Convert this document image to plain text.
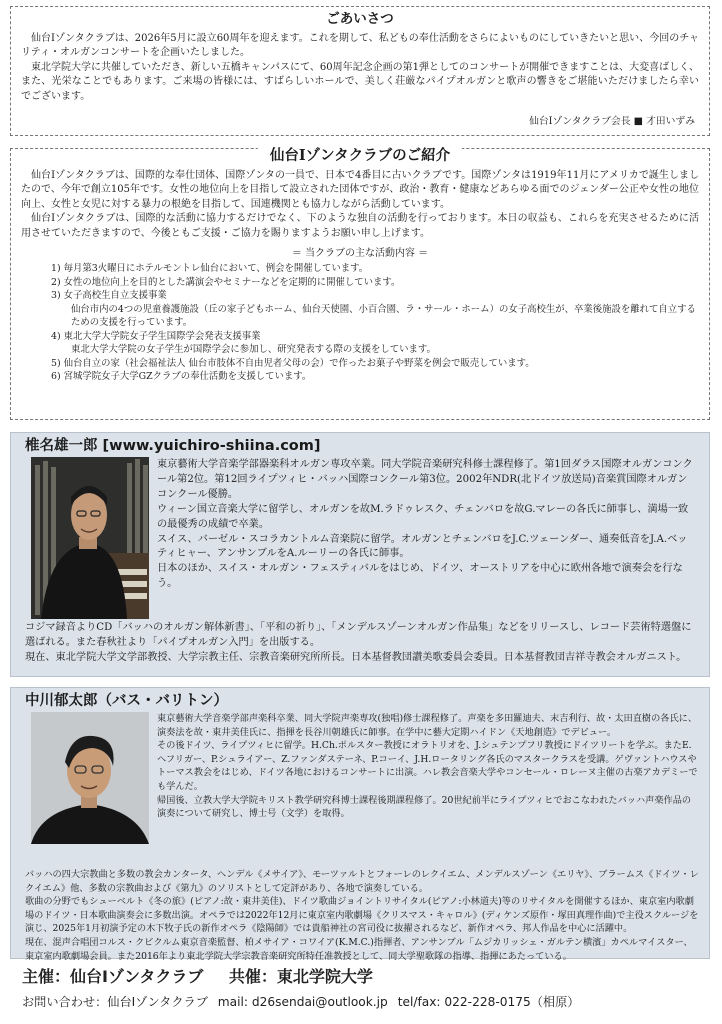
ごあいさつ

仙台Iゾンタクラブは、2026年5月に設立60周年を迎えます。これを期して、私どもの奉仕活動をさらによいものにしていきたいと思い、今回のチャリティ・オルガンコンサートを企画いたしました。

東北学院大学に共催していただき、新しい五橋キャンパスにて、60周年記念企画の第1弾としてのコンサートが開催できますことは、大変喜ばしく、また、光栄なことでもあります。ご来場の皆様には、すばらしいホールで、美しく荘厳なパイプオルガンと歌声の響きをご堪能いただけましたら幸いでございます。

仙台Iゾンタクラブ会長 ■ 才田いずみ
仙台Iゾンタクラブのご紹介

仙台Iゾンタクラブは、国際的な奉仕団体、国際ゾンタの一員で、日本で4番目に古いクラブです。国際ゾンタは1919年11月にアメリカで誕生しましたので、今年で創立105年です。女性の地位向上を目指して設立された団体ですが、政治・教育・健康などあらゆる面でのジェンダー公正や女性の地位向上、女性と女児に対する暴力の根絶を目指して、国連機関とも協力しながら活動しています。

仙台Iゾンタクラブは、国際的な活動に協力するだけでなく、下のような独自の活動を行っております。本日の収益も、これらを充実させるために活用させていただきますので、今後ともご支援・ご協力を賜りますようお願い申し上げます。

＝ 当クラブの主な活動内容 ＝
1) 毎月第3火曜日にホテルモントレ仙台において、例会を開催しています。
2) 女性の地位向上を目的とした講演会やセミナーなどを定期的に開催しています。
3) 女子高校生自立支援事業
仙台市内の4つの児童養護施設（丘の家子どもホーム、仙台天使園、小百合園、ラ・サール・ホーム）の女子高校生が、卒業後施設を離れて自立するための支援を行っています。
4) 東北大学大学院女子学生国際学会発表支援事業
東北大学大学院の女子学生が国際学会に参加し、研究発表する際の支援をしています。
5) 仙台自立の家（社会福祉法人 仙台市肢体不自由児者父母の会）で作ったお菓子や野菜を例会で販売しています。
6) 宮城学院女子大学GZクラブの奉仕活動を支援しています。
椎名雄一郎 [www.yuichiro-shiina.com]

東京藝術大学音楽学部器楽科オルガン専攻卒業。同大学院音楽研究科修士課程修了。第1回ダラス国際オルガンコンクール第2位。第12回ライプツィヒ・バッハ国際コンクール第3位。2002年NDR(北ドイツ放送局)音楽賞国際オルガンコンクール優勝。

ウィーン国立音楽大学に留学し、オルガンを故M.ラドゥレスク、チェンバロを故G.マレーの各氏に師事し、満場一致の最優秀の成績で卒業。

スイス、バーゼル・スコラカントルム音楽院に留学。オルガンとチェンバロをJ.C.ツェーンダー、通奏低音をJ.A.ベッティヒャー、アンサンブルをA.ルーリーの各氏に師事。

日本のほか、スイス・オルガン・フェスティバルをはじめ、ドイツ、オーストリアを中心に欧州各地で演奏会を行なう。

コジマ録音よりCD「バッハのオルガン解体新書」、「平和の祈り」、「メンデルスゾーンオルガン作品集」などをリリースし、レコード芸術特選盤に選ばれる。また春秋社より「パイプオルガン入門」を出版する。

現在、東北学院大学文学部教授、大学宗教主任、宗教音楽研究所所長。日本基督教団讃美歌委員会委員。日本基督教団吉祥寺教会オルガニスト。

中川郁太郎（バス・バリトン）

東京藝術大学音楽学部声楽科卒業、同大学院声楽専攻(独唱)修士課程修了。声楽を多田羅迪夫、末吉利行、故・太田直樹の各氏に、演奏法を故・東井美佳氏に、指揮を長谷川朝雄氏に師事。在学中に藝大定期ハイドン《天地創造》でデビュー。

その後ドイツ、ライプツィヒに留学。H.Ch.ポルスター教授にオラトリオを、J.シュテンプフリ教授にドイツリートを学ぶ。またE.ヘフリガー、P.シュライアー、Z.ファンダステーネ、P.コーイ、J.H.ロータリング各氏のマスタークラスを受講。ゲヴァントハウスやトーマス教会をはじめ、ドイツ各地におけるコンサートに出演。ハレ教会音楽大学やコンセール・ロレーヌ主催の古楽アカデミーでも学んだ。

帰国後、立教大学大学院キリスト教学研究科博士課程後期課程修了。20世紀前半にライプツィヒでおこなわれたバッハ声楽作品の演奏について研究し、博士号（文学）を取得。

バッハの四大宗教曲と多数の教会カンタータ、ヘンデル《メサイア》、モーツァルトとフォーレのレクイエム、メンデルスゾーン《エリヤ》、ブラームス《ドイツ・レクイエム》他、多数の宗教曲および《第九》のソリストとして定評があり、各地で演奏している。

歌曲の分野でもシューベルト《冬の旅》(ピアノ:故・東井美佳)、ドイツ歌曲ジョイントリサイタル(ピアノ:小林道夫)等のリサイタルを開催するほか、東京室内歌劇場のドイツ・日本歌曲演奏会に多数出演。オペラでは2022年12月に東京室内歌劇場《クリスマス・キャロル》(ディケンズ原作・塚田真理作曲)で主役スクルージを演じ、2025年1月初演予定の木下牧子氏の新作オペラ《陰陽師》では貴船神社の宮司役に抜擢されるなど、新作オペラ、邦人作品を中心に活躍中。

現在、混声合唱団コルス・クビクルム東京音楽監督、柏メサイア・コワイア(K.M.C.)指揮者、アンサンブル「ムジカリッシェ・ガルテン横濱」カペルマイスター、東京室内歌劇場会員。また2016年より東北学院大学宗教音楽研究所特任准教授として、同大学聖歌隊の指導、指揮にあたっている。

主催：仙台Iゾンタクラブ 共催：東北学院大学
お問い合わせ：仙台Iゾンタクラブ mail: d26sendai@outlook.jp tel/fax: 022-228-0175（相原）
